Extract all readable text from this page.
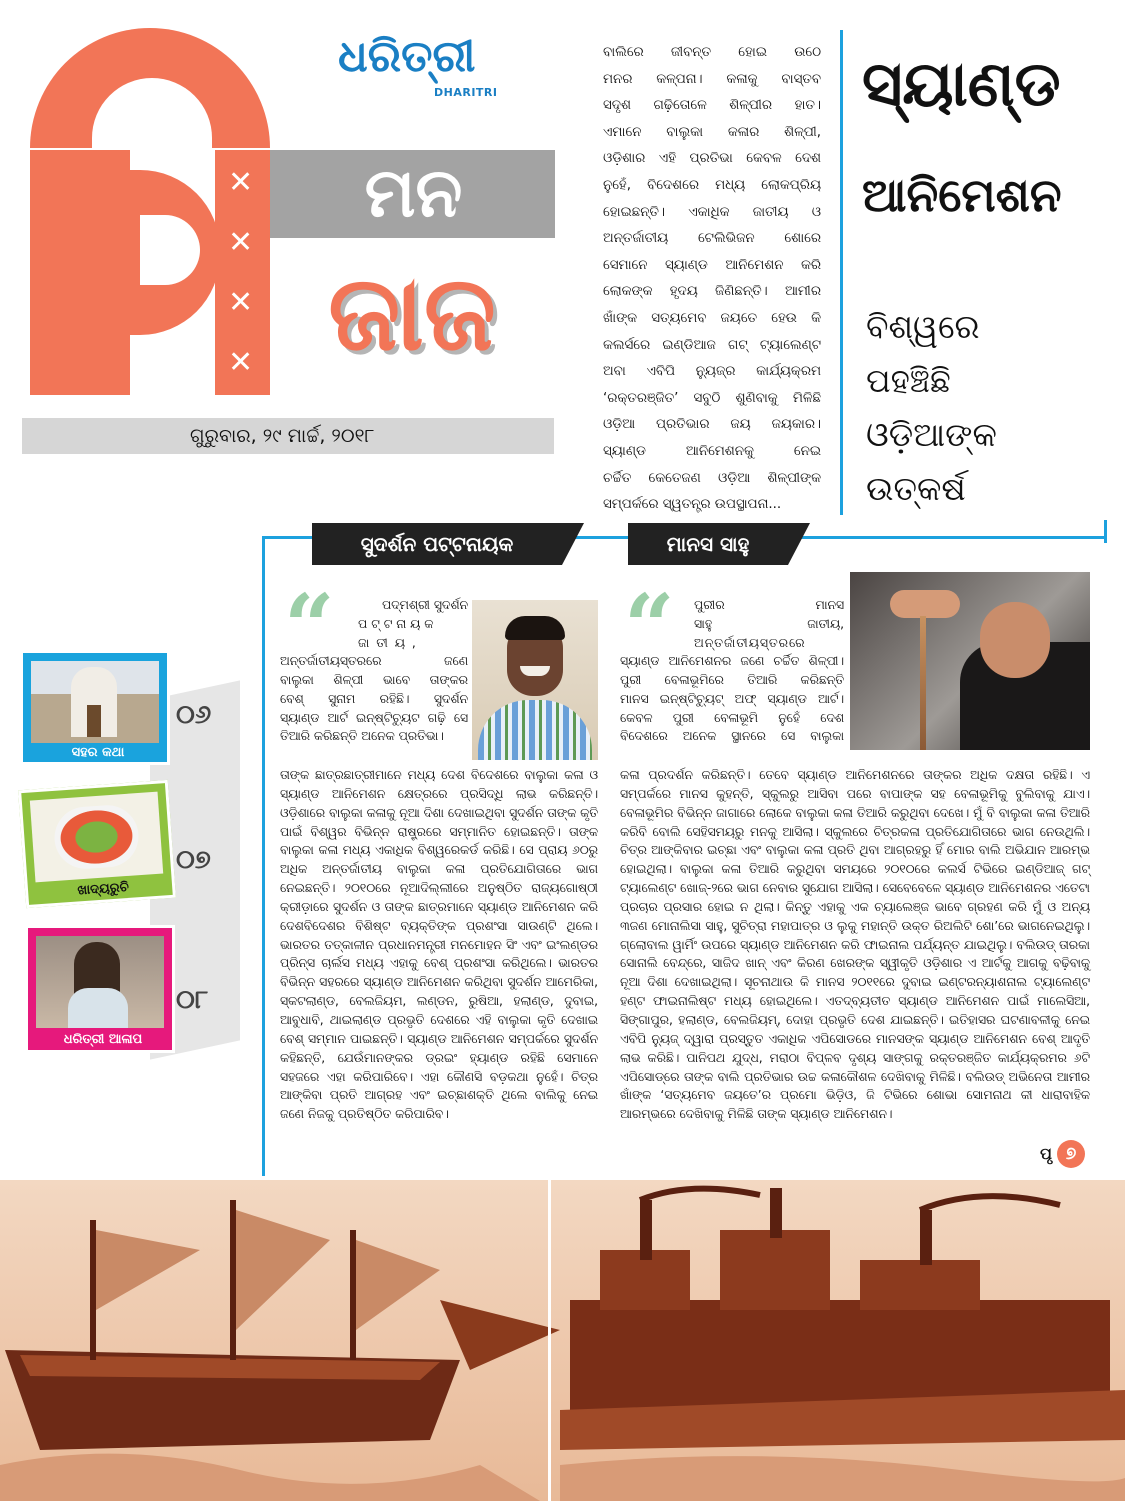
✕
✕
✕
✕
ମନ
ଜାଜ
ଧରିତ୍ରୀ
DHARITRI
ଗୁରୁବାର, ୨୯ ମାର୍ଚ୍ଚ, ୨୦୧୮
ବାଲିରେ ଜୀବନ୍ତ ହୋଇ ଉଠେ
ମନର କଳ୍ପନା। କଳାକୁ ବାସ୍ତବ
ସଦୃଶ ଗଢ଼ିତୋଳେ ଶିଳ୍ପୀର ହାତ।
ଏମାନେ ବାଲୁକା କଳାର ଶିଳ୍ପୀ,
ଓଡ଼ିଶାର ଏହି ପ୍ରତିଭା କେବଳ ଦେଶ
ନୁହେଁ, ବିଦେଶରେ ମଧ୍ୟ ଲୋକପ୍ରିୟ
ହୋଇଛନ୍ତି। ଏକାଧିକ ଜାତୀୟ ଓ
ଅନ୍ତର୍ଜାତୀୟ ଟେଲିଭିଜନ ଶୋରେ
ସେମାନେ ସ୍ୟାଣ୍ଡ ଆନିମେଶନ କରି
ଲୋକଙ୍କ ହୃଦୟ ଜିଣିଛନ୍ତି। ଆମୀର
ଖାଁଙ୍କ ସତ୍ୟମେବ ଜୟତେ ହେଉ କି
କଲର୍ସରେ ଇଣ୍ଡିଆଜ ଗଟ୍ ଟ୍ୟାଲେଣ୍ଟ
ଅବା ଏବିପି ନ୍ୟୁଜ୍ର କାର୍ଯ୍ୟକ୍ରମ
‘ରକ୍ତରଞ୍ଜିତ’ ସବୁଠି ଶୁଣିବାକୁ ମିଳିଛି
ଓଡ଼ିଆ ପ୍ରତିଭାର ଜୟ ଜୟକାର।
ସ୍ୟାଣ୍ଡ ଆନିମେଶନକୁ ନେଇ
ଚର୍ଚ୍ଚିତ କେତେଜଣ ଓଡ଼ିଆ ଶିଳ୍ପୀଙ୍କ
ସମ୍ପର୍କରେ ସ୍ୱତନ୍ତ୍ର ଉପସ୍ଥାପନା...
ସ୍ୟାଣ୍ଡ
ଆନିମେଶନ
ବିଶ୍ୱରେ
ପହଞ୍ଚିଛି
ଓଡ଼ିଆଙ୍କ
ଉତ୍କର୍ଷ
ସୁଦର୍ଶନ ପଟ୍ଟନାୟକ
“	ପଦ୍ମଶ୍ରୀ ସୁଦର୍ଶନ
ପଟ୍ଟନାୟକ
ଜାତୀୟ,
ଅନ୍ତର୍ଜାତୀୟସ୍ତରରେ ଜଣେ
ବାଲୁକା ଶିଳ୍ପୀ ଭାବେ ତାଙ୍କର
ବେଶ୍ ସୁନାମ ରହିଛି। ସୁଦର୍ଶନ
ସ୍ୟାଣ୍ଡ ଆର୍ଟ ଇନ୍ଷ୍ଟିଚ୍ୟୁଟ ଗଢ଼ି ସେ
ତିଆରି କରିଛନ୍ତି ଅନେକ ପ୍ରତିଭା।
ତାଙ୍କ ଛାତ୍ରଛାତ୍ରୀମାନେ ମଧ୍ୟ ଦେଶ ବିଦେଶରେ ବାଲୁକା କଳା ଓ ସ୍ୟାଣ୍ଡ ଆନିମେଶନ କ୍ଷେତ୍ରରେ ପ୍ରସିଦ୍ଧି ଲାଭ କରିଛନ୍ତି। ଓଡ଼ିଶାରେ ବାଲୁକା କଳାକୁ ନୂଆ ଦିଶା ଦେଖାଇଥିବା ସୁଦର୍ଶନ ତାଙ୍କ କୃତି ପାଇଁ ବିଶ୍ୱର ବିଭିନ୍ନ ରାଷ୍ଟ୍ରରେ ସମ୍ମାନିତ ହୋଇଛନ୍ତି। ତାଙ୍କ ବାଲୁକା କଳା ମଧ୍ୟ ଏକାଧିକ ବିଶ୍ୱରେକର୍ଡ କରିଛି। ସେ ପ୍ରାୟ ୬୦ରୁ ଅଧିକ ଅନ୍ତର୍ଜାତୀୟ ବାଲୁକା କଳା ପ୍ରତିଯୋଗିତାରେ ଭାଗ ନେଇଛନ୍ତି। ୨୦୧୦ରେ ନୂଆଦିଲ୍ଲୀରେ ଅନୁଷ୍ଠିତ ରାଜ୍ୟଗୋଷ୍ଠୀ କ୍ରୀଡ଼ାରେ ସୁଦର୍ଶନ ଓ ତାଙ୍କ ଛାତ୍ରମାନେ ସ୍ୟାଣ୍ଡ ଆନିମେଶନ କରି ଦେଶବିଦେଶର ବିଶିଷ୍ଟ ବ୍ୟକ୍ତିଙ୍କ ପ୍ରଶଂସା ସାଉଣ୍ଟି ଥିଲେ। ଭାରତର ତତ୍କାଳୀନ ପ୍ରଧାନମନ୍ତ୍ରୀ ମନମୋହନ ସିଂ ଏବଂ ଇଂଲଣ୍ଡର ପ୍ରିନ୍ସ ଚାର୍ଲସ ମଧ୍ୟ ଏହାକୁ ବେଶ୍ ପ୍ରଶଂସା କରିଥିଲେ। ଭାରତର ବିଭିନ୍ନ ସହରରେ ସ୍ୟାଣ୍ଡ ଆନିମେଶନ କରିଥିବା ସୁଦର୍ଶନ ଆମେରିକା, ସ୍କଟଲାଣ୍ଡ, ବେଲଜିୟମ, ଲଣ୍ଡନ, ରୁଷିଆ, ହଲାଣ୍ଡ, ଦୁବାଇ, ଆବୁଧାବି, ଥାଇଲାଣ୍ଡ ପ୍ରଭୃତି ଦେଶରେ ଏହି ବାଲୁକା କୃତି ଦେଖାଇ ବେଶ୍ ସମ୍ମାନ ପାଇଛନ୍ତି। ସ୍ୟାଣ୍ଡ ଆନିମେଶନ ସମ୍ପର୍କରେ ସୁଦର୍ଶନ କହିଛନ୍ତି, ଯେଉଁମାନଙ୍କର ଡ୍ରଇଂ ହ୍ୟାଣ୍ଡ ରହିଛି ସେମାନେ ସହଜରେ ଏହା କରିପାରିବେ। ଏହା କୌଣସି ବଡ଼କଥା ନୁହେଁ। ଚିତ୍ର ଆଙ୍କିବା ପ୍ରତି ଆଗ୍ରହ ଏବଂ ଇଚ୍ଛାଶକ୍ତି ଥିଲେ ବାଲିକୁ ନେଇ ଜଣେ ନିଜକୁ ପ୍ରତିଷ୍ଠିତ କରିପାରିବ।
ମାନସ ସାହୁ
“ ପୁରୀର ମାନସ
ସାହୁ ଜାତୀୟ,
ଅନ୍ତର୍ଜାତୀୟସ୍ତରରେ
ସ୍ୟାଣ୍ଡ ଆନିମେଶନର ଜଣେ ଚର୍ଚ୍ଚିତ ଶିଳ୍ପୀ।
ପୁରୀ ବେଳାଭୂମିରେ ତିଆରି କରିଛନ୍ତି
ମାନସ ଇନ୍ଷ୍ଟିଚ୍ୟୁଟ୍ ଅଫ୍ ସ୍ୟାଣ୍ଡ ଆର୍ଟ।
କେବଳ ପୁରୀ ବେଳାଭୂମି ନୁହେଁ ଦେଶ
ବିଦେଶରେ ଅନେକ ସ୍ଥାନରେ ସେ ବାଲୁକା
କଳା ପ୍ରଦର୍ଶନ କରିଛନ୍ତି। ତେବେ ସ୍ୟାଣ୍ଡ ଆନିମେଶନରେ ତାଙ୍କର ଅଧିକ ଦକ୍ଷତା ରହିଛି। ଏ ସମ୍ପର୍କରେ ମାନସ କୁହନ୍ତି, ସ୍କୁଲରୁ ଆସିବା ପରେ ବାପାଙ୍କ ସହ ବେଳାଭୂମିକୁ ବୁଲିବାକୁ ଯାଏ। ବେଳାଭୂମିର ବିଭିନ୍ନ ଜାଗାରେ ଲୋକେ ବାଲୁକା କଳା ତିଆରି କରୁଥିବା ଦେଖେ। ମୁଁ ବି ବାଲୁକା କଳା ତିଆରି କରିବି ବୋଲି ସେହିସମୟରୁ ମନକୁ ଆସିଲା। ସ୍କୁଲରେ ଚିତ୍ରକଳା ପ୍ରତିଯୋଗିତାରେ ଭାଗ ନେଉଥିଲି। ଚିତ୍ର ଆଙ୍କିବାର ଇଚ୍ଛା ଏବଂ ବାଲୁକା କଳା ପ୍ରତି ଥିବା ଆଗ୍ରହରୁ ହିଁ ମୋର ବାଲି ଅଭିଯାନ ଆରମ୍ଭ ହୋଇଥିଲା। ବାଲୁକା କଳା ତିଆରି କରୁଥିବା ସମୟରେ ୨୦୧୦ରେ କଲର୍ସ ଟିଭିରେ ଇଣ୍ଡିଆଜ୍ ଗଟ୍ ଟ୍ୟାଲେଣ୍ଟ ଖୋଜ୍-୨ରେ ଭାଗ ନେବାର ସୁଯୋଗ ଆସିଲା। ସେବେବେଳେ ସ୍ୟାଣ୍ଡ ଆନିମେଶନର ଏତେଟା ପ୍ରଚାର ପ୍ରସାର ହୋଇ ନ ଥିଲା। କିନ୍ତୁ ଏହାକୁ ଏକ ଚ୍ୟାଲେଞ୍ଜ ଭାବେ ଗ୍ରହଣ କରି ମୁଁ ଓ ଅନ୍ୟ ୩ଜଣ ମୋନାଲିସା ସାହୁ, ସୁଚିତ୍ରା ମହାପାତ୍ର ଓ ଲୁକୁ ମହାନ୍ତି ଉକ୍ତ ରିଅଲିଟି ଶୋ’ରେ ଭାଗନେଇଥିଲୁ। ଗ୍ଲୋବାଲ ୱାର୍ମିଂ ଉପରେ ସ୍ୟାଣ୍ଡ ଆନିମେଶନ କରି ଫାଇନାଲ ପର୍ଯ୍ୟନ୍ତ ଯାଇଥିଲୁ। ବଲିଉଡ୍ ତାରକା ସୋନାଲି ବେନ୍ଦ୍ରେ, ସାଜିଦ ଖାନ୍ ଏବଂ କିରଣ ଖେରଙ୍କ ସ୍ୱୀକୃତି ଓଡ଼ିଶାର ଏ ଆର୍ଟକୁ ଆଗକୁ ବଢ଼ିବାକୁ ନୂଆ ଦିଶା ଦେଖାଇଥିଲା। ସୂଚନାଥାଉ କି ମାନସ ୨୦୧୧ରେ ଦୁବାଇ ଇଣ୍ଟରନ୍ୟାଶନାଲ ଟ୍ୟାଲେଣ୍ଟ ହଣ୍ଟ ଫାଇନାଲିଷ୍ଟ ମଧ୍ୟ ହୋଇଥିଲେ। ଏତଦ୍‌ବ୍ୟତୀତ ସ୍ୟାଣ୍ଡ ଆନିମେଶନ ପାଇଁ ମାଲେସିଆ, ସିଙ୍ଗାପୁର, ହଲାଣ୍ଡ, ବେଲଜିୟମ୍, ଦୋହା ପ୍ରଭୃତି ଦେଶ ଯାଇଛନ୍ତି। ଇତିହାସର ଘଟଣାବଳୀକୁ ନେଇ ଏବିପି ନ୍ୟୁଜ୍ ଦ୍ୱାରା ପ୍ରସ୍ତୁତ ଏକାଧିକ ଏପିସୋଡରେ ମାନସଙ୍କ ସ୍ୟାଣ୍ଡ ଆନିମେଶନ ବେଶ୍ ଆଦୃତି ଲାଭ କରିଛି। ପାନିପଥ ଯୁଦ୍ଧ, ମରାଠା ବିପ୍ଳବ ଦୃଶ୍ୟ ସାଙ୍ଗକୁ ରକ୍ତରଞ୍ଜିତ କାର୍ଯ୍ୟକ୍ରମର ୬ଟି ଏପିସୋଡ୍‌ରେ ତାଙ୍କ ବାଲି ପ୍ରତିଭାର ଉଚ୍ଚ କଳାକୌଶଳ ଦେଖିବାକୁ ମିଳିଛି। ବଲିଉଡ୍ ଅଭିନେତା ଆମୀର ଖାଁଙ୍କ ‘ସତ୍ୟମେବ ଜୟତେ’ର ପ୍ରମୋ ଭିଡ଼ିଓ, ଜି ଟିଭିରେ ଶୋଭା ସୋମନାଥ କୀ ଧାରାବାହିକ ଆରମ୍ଭରେ ଦେଖିବାକୁ ମିଳିଛି ତାଙ୍କ ସ୍ୟାଣ୍ଡ ଆନିମେଶନ।
ପୃ ୭
ସହର କଥା
୦୬
ଖାଦ୍ୟରୁଚି
୦୭
ଧରିତ୍ରୀ ଆଳାପ
୦୮
